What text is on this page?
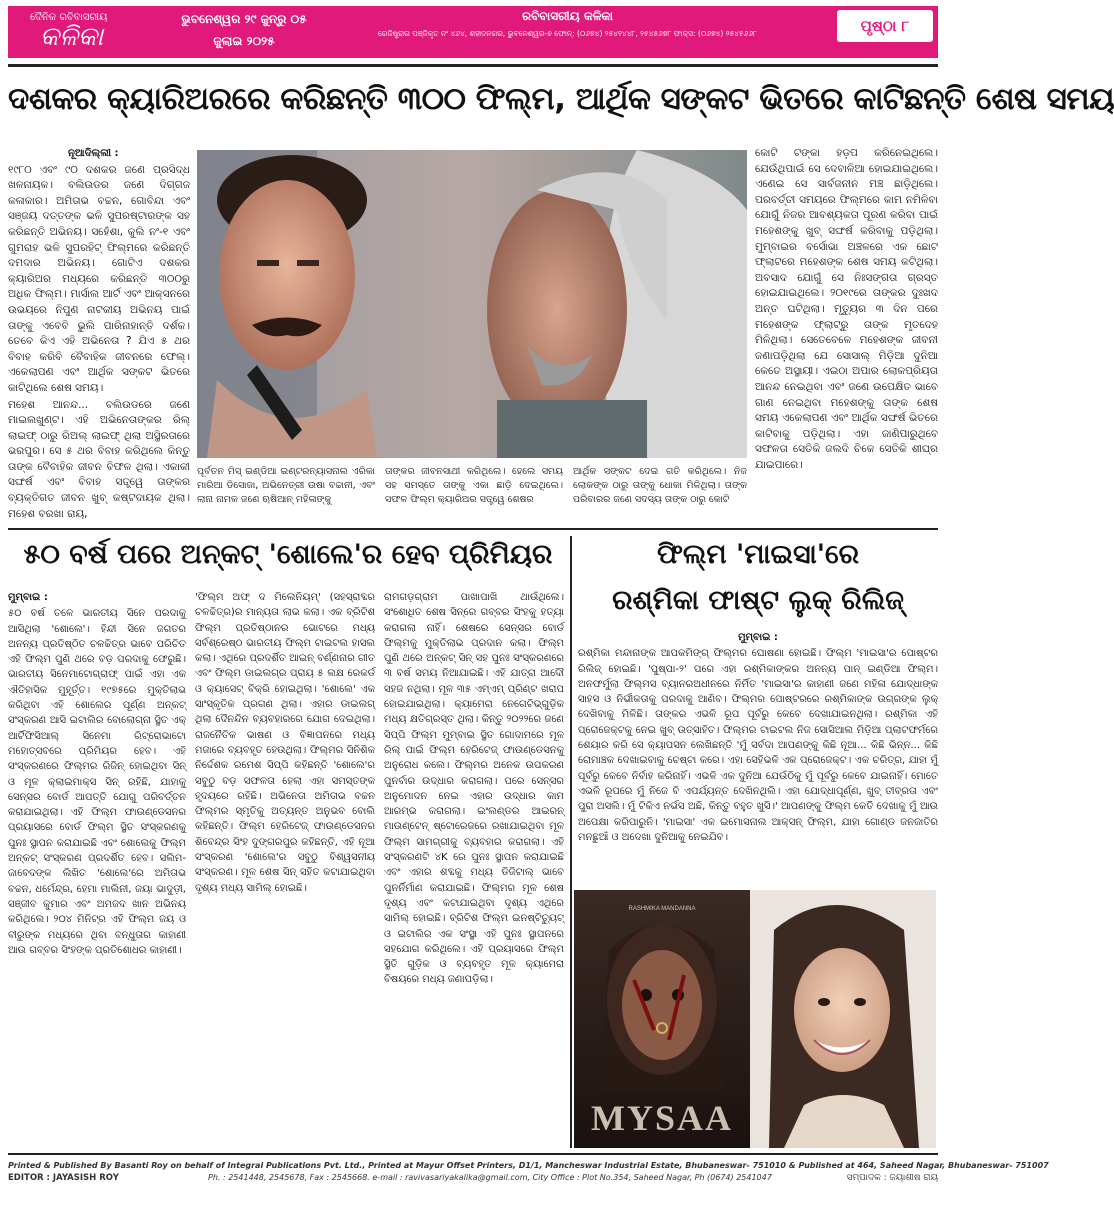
ଦୈନିକ ରବିବାସରୀୟ
କଳିକା
ଭୁବନେଶ୍ୱର ୨୯ ଜୁନ୍ରୁ ୦୫
ଜୁଲାଇ ୨୦୨୫
ରବିବାସରୀୟ କଳିକା
ରେଜିଷ୍ଟ୍ରାର ପଞ୍ଜିକୃତ ନଂ ୪୬୪, ଶହୀଦନଗର, ଭୁବନେଶ୍ୱର-୭ ଫୋନ୍: (୦୬୭୪) ୨୫୪୧୪୪୮, ୨୫୪୫୬୭୮ ଫାକ୍ସ: (୦୬୭୪) ୨୫୪୫୬୬୮	ପୃଷ୍ଠା ୮
ଦଶକର କ୍ୟାରିଅରରେ କରିଛନ୍ତି ୩୦୦ ଫିଲ୍ମ, ଆର୍ଥିକ ସଙ୍କଟ ଭିତରେ କାଟିଛନ୍ତି ଶେଷ ସମୟ

ନୂଆଦିଲ୍ଲୀ :

୧୯୮୦ ଏବଂ ୯୦ ଦଶକର ଜଣେ ପ୍ରସିଦ୍ଧ ଖଳନାୟକ। ବଲିଉଡର ଜଣେ ଦିଗ୍ଗଜ କଳାକାର। ଅମିତାଭ ବଚ୍ଚନ, ଗୋବିନ୍ଦା ଏବଂ ସଞ୍ଜୟ ଦତ୍ତଙ୍କ ଭଳି ସୁପରଷ୍ଟାରଙ୍କ ସହ କରିଛନ୍ତି ଅଭିନୟ। ସହେଁଶା, କୁଲି ନଂ-୧ ଏବଂ ଗୁମରାହ ଭଳି ସୁପରହିଟ୍ ଫିଲ୍ମରେ କରିଛନ୍ତି ଦମଦାର ଅଭିନୟ। ଗୋଟିଏ ଦଶକର କ୍ୟାରିଅର ମଧ୍ୟରେ କରିଛନ୍ତି ୩୦୦ରୁ ଅଧିକ ଫିଲ୍ମ। ମାର୍ସାଲ ଆର୍ଟ ଏବଂ ଆକ୍ସନରେ ଉଭୟରେ ନିପୁଣ ନାଟକୀୟ ଅଭିନୟ ପାଇଁ ତାଙ୍କୁ ଏବେବି ଭୁଲି ପାରିନାହାନ୍ତି ଦର୍ଶକ। ତେବେ କିଏ ଏହି ଅଭିନେତା ? ଯିଏ ୫ ଥର ବିବାହ କରିବି ବୈବାହିକ ଜୀବନରେ ଫେଲ୍। ଏକେଲାପଣ ଏବଂ ଆର୍ଥିକ ସଙ୍କଟ ଭିତରେ କାଟିଥିଲେ ଶେଷ ସମୟ।

ମହେଶ ଆନନ୍ଦ... ବଲିଉଡରେ ଜଣେ ମାଇଲଖୁଣ୍ଟ। ଏହି ଅଭିନେତାଙ୍କର ରିଲ୍ ଲାଇଫ୍ ଠାରୁ ରିଅଲ୍ ଲାଇଫ୍ ଥିଲା ଅସ୍ଥିରତାରେ ଭରପୁର। ସେ ୫ ଥର ବିବାହ କରିଥିଲେ କିନ୍ତୁ ତାଙ୍କ ବୈବାହିକ ଜୀବନ ବିଫଳ ଥିଲା। ଏକାକୀ ସଙ୍ଘର୍ଷ ଏବଂ ବିବାହ ସତ୍ତ୍ୱେ ତାଙ୍କର ବ୍ୟକ୍ତିଗତ ଜୀବନ ଖୁବ୍ କଷ୍ଟଦାୟକ ଥିଲା। ମହେଶ ବରଖା ରାୟ,

ପୂର୍ବତନ ମିସ୍ ଇଣ୍ଡିଆ ଇଣ୍ଟରନ୍ୟାସନାଲ ଏରିକା ମାରିଆ ଡିସୋଜା, ଅଭିନେତ୍ରୀ ଉଷା ବଚ୍ଚାନୀ, ଏବଂ ଲାନା ନାମକ ଜଣେ ଋଷିଆନ୍ ମହିଳାଙ୍କୁ
ତାଙ୍କର ଜୀବନସାଥୀ କରିଥିଲେ। ହେଲେ ସମୟ ସହ ସମସ୍ତେ ତାଙ୍କୁ ଏକା ଛାଡ଼ି ଦେଇଥିଲେ। ସଫଳ ଫିଲ୍ମ କ୍ୟାରିଅର ସତ୍ତ୍ୱେ ଶେଷର
ଆର୍ଥିକ ସଙ୍କଟ ଦେଇ ଗତି କରିଥିଲେ। ନିଜ ଲୋକଙ୍କ ଠାରୁ ତାଙ୍କୁ ଧୋକା ମିଳିଥିଲା। ତାଙ୍କ ପରିବାରର ଜଣେ ସଦସ୍ୟ ତାଙ୍କ ଠାରୁ କୋଟି

କୋଟି ଟଙ୍କା ହଡ଼ପ କରିନେଇଥିଲେ। ଯେଉଁଥିପାଇଁ ସେ ଦେବାଳିଆ ହୋଇଯାଇଥିଲେ। ଏଣେଇ ସେ ସାର୍ବଜନୀନ ମଞ୍ଚ ଛାଡ଼ିଥିଲେ। ପରବର୍ତ୍ତୀ ସମୟରେ ଫିଲ୍ମରେ କାମ ନମିଳିବା ଯୋଗୁଁ ନିଜର ଆବଶ୍ୟକତା ପୂରଣ କରିବା ପାଇଁ ମହେଶଙ୍କୁ ଖୁବ୍ ସଙ୍ଘର୍ଷ କରିବାକୁ ପଡ଼ିଥିଲା। ମୁମ୍ବାଇର ବର୍ସୋଭା ଅଞ୍ଚଳରେ ଏକ ଛୋଟ ଫ୍ଲାଟରେ ମହେଶଙ୍କ ଶେଷ ସମୟ କଟିଥିଲା। ଅବସାଦ ଯୋଗୁଁ ସେ ନିଃସଙ୍ଗତା ଗ୍ରସ୍ତ ହୋଇଯାଇଥିଲେ। ୨୦୧୯ରେ ତାଙ୍କର ଦୁଃଖଦ ଅନ୍ତ ଘଟିଥିଲା। ମୃତ୍ୟୁର ୩ ଦିନ ପରେ ମହେଶଙ୍କ ଫ୍ଲାଟ୍ରୁ ତାଙ୍କ ମୃତଦେହ ମିଳିଥିଲା। ସେତେବେଳେ ମହେଶଙ୍କ ଜୀବନୀ ଜଣାପଡ଼ିଥିଲା ଯେ ସୋସାଲ୍ ମିଡ଼ିଆ ଦୁନିଆ କେତେ ଅସ୍ଥାୟୀ। ଏଇଠା ଅପାର ଲୋକପ୍ରିୟତା ଆନନ୍ଦ ନେଇଥିବା ଏବଂ ଜଣେ ଉପେକ୍ଷିତ ଭାବେ ଗାଣ ନେଇଥିବା ମହେଶଙ୍କୁ ତାଙ୍କ ଶେଷ ସମୟ ଏକେଲାପଣ ଏବଂ ଆର୍ଥିକ ସଙ୍ଘର୍ଷ ଭିତରେ କାଟିବାକୁ ପଡ଼ିଥିଲା। ଏହା ଜାଣିପାରୁଥିବେ ସଫଳତା ସେତିକି ଜଲଦି ଚିକେ ସେତିକି ଶୀଘ୍ର ଯାଇପାରେ।

୫୦ ବର୍ଷ ପରେ ଅନ୍କଟ୍ 'ଶୋଲେ'ର ହେବ ପ୍ରିମିୟର

ମୁମ୍ବାଇ :

୫୦ ବର୍ଷ ତଳେ ଭାରତୀୟ ସିନେ ପରଦାକୁ ଆସିଥିଲା 'ଶୋଲେ'। ହିନ୍ଦୀ ସିନେ ଜଗତର ଅନନ୍ୟ ପ୍ରତିଷ୍ଠିତ ଚଳଚ୍ଚିତ୍ର ଭାବେ ପରିଚିତ ଏହି ଫିଲ୍ମ ପୁଣି ଥରେ ବଡ଼ ପରଦାକୁ ଫେରୁଛି। ଭାରତୀୟ ସିନେମାଟୋଗ୍ରାଫ୍ ପାଇଁ ଏହା ଏକ ଐତିହାସିକ ମୁହୂର୍ତ୍ତ। ୧୯୭୫ରେ ମୁକ୍ତିଲାଭ କରିଥିବା ଏହି ଶୋଲେର ପୂର୍ଣ୍ଣ ଅନ୍କଟ୍ ସଂସ୍କରଣ ଆସି ଇଟାଲିର ବୋଲୋଗ୍ନା ସ୍ଥିତ ଏକ୍ ଆର୍ଟିଫିସିଆଲ୍ ସିନେମା ରିଟ୍ରୋଭାଟୋ ମହୋତ୍ସବରେ ପ୍ରିମିୟର ହେବ। ଏହି ସଂସ୍କରଣରେ ଫିଲ୍ମର ରିଜିନ୍ ହୋଇଥିବା ସିନ୍ ଓ ମୂଳ କ୍ଲାଇମାକ୍ସ ସିନ୍ ରହିଛି, ଯାହାକୁ ସେନ୍ସର ବୋର୍ଡ ଆପତ୍ତି ଯୋଗୁ ପରିବର୍ତ୍ତନ କରାଯାଇଥିଲା। ଏହି ଫିଲ୍ମ ଫାଉଣ୍ଡେସନର ପ୍ରୟାସରେ ବୋର୍ଡ ଫିଲ୍ମ ସ୍ଥିତ ସଂସ୍କରଣକୁ ପୁନଃ ସ୍ଥାପନ କରାଯାଇଛି ଏବଂ ଶୋଲେକୁ ଫିଲ୍ମ ଅନ୍କଟ୍ ସଂସ୍କରଣ ପ୍ରଦର୍ଶିତ ହେବ। ସଲିମ-ଜାବେଦଙ୍କ ଲିଖିତ 'ଶୋଲେ'ରେ ଅମିତାଭ ବଚ୍ଚନ, ଧର୍ମେନ୍ଦ୍ର, ହେମା ମାଲିନୀ, ଜୟା ଭାଦୁଡ଼ୀ, ସଞ୍ଜୀବ କୁମାର ଏବଂ ଅମଜଦ ଖାନ ଅଭିନୟ କରିଥିଲେ। ୨୦୪ ମିନିଟ୍ର ଏହି ଫିଲ୍ମ ଜୟ ଓ ବୀରୁଙ୍କ ମଧ୍ୟରେ ଥିବା ବନ୍ଧୁତାର କାହାଣୀ ଆଉ ଗବ୍ବର ସିଂହଙ୍କ ପ୍ରତିଶୋଧର କାହାଣୀ।

'ଫିଲ୍ମ ଅଫ୍ ଦ ମିଲେନିୟମ୍' (ସହସ୍ରାବ୍ଦର ଚଳଚ୍ଚିତ୍ର)ର ମାନ୍ୟତା ଲାଭ କଲା। ଏକ ବ୍ରିଟିଶ ଫିଲ୍ମ ପ୍ରତିଷ୍ଠାନର ଭୋଟରେ ମଧ୍ୟ ସର୍ବଶ୍ରେଷ୍ଠ ଭାରତୀୟ ଫିଲ୍ମ ଟାଇଟଲ ହାସଲ କଲା। ଏଥିରେ ପ୍ରଦର୍ଶିତ ଆଇନ୍ ବର୍ଣ୍ଣନାର ଗୀତ ଏବଂ ଫିଲ୍ମ ଡାଇଲଗ୍ର ପ୍ରାୟ ୫ ଲକ୍ଷ ରେକର୍ଡ ଓ କ୍ୟାସେଟ୍ ବିକ୍ରି ହୋଇଥିଲା। 'ଶୋଲେ' ଏକ ସାଂସ୍କୃତିକ ପ୍ରଗଣ ଥିଲା। ଏହାର ଡାଇଲଗ୍ ଥିଲା ଦୈନନ୍ଦିନ ବ୍ୟବହାରରେ ଯୋଗ ଦେଇଥିଲା। ରାଜନୈତିକ ଭାଷଣ ଓ ବିଜ୍ଞାପନରେ ମଧ୍ୟ ମଜାରେ ବ୍ୟବହୃତ ହେଉଥିଲା। ଫିଲ୍ମର ସିନିଶିକ ନିର୍ଦ୍ଦେଶକ ରମେଶ ସିପ୍ପି କହିଛନ୍ତି 'ଶୋଲେ'ର ସବୁଠୁ ବଡ଼ ସଫଳତା ହେଲା ଏହା ସମସ୍ତଙ୍କ ହୃଦୟରେ ରହିଛି। ଅଭିନେତା ଅମିତାଭ ବଚ୍ଚନ ଫିଲ୍ମର ସ୍ମୃତିକୁ ଅତ୍ୟନ୍ତ ଅନୁଭବ ବୋଲି କହିଛନ୍ତି। ଫିଲ୍ମ ହେରିଟେଜ୍ ଫାଉଣ୍ଡେସନର ଶିବେନ୍ଦ୍ର ସିଂହ ଦୁଙ୍ଗରପୁର କହିଛନ୍ତି, ଏହି ନୂଆ ସଂସ୍କରଣ 'ଶୋଲେ'ର ସବୁଠୁ ବିଶ୍ୱସନୀୟ ସଂସ୍କରଣ। ମୂଳ ଶେଷ ସିନ୍ ସହିତ କଟାଯାଇଥିବା ଦୃଶ୍ୟ ମଧ୍ୟ ସାମିଲ୍ ହୋଇଛି।

ରାମଗଡ଼ଗ୍ରାମ ପାଖାପାଖି ଥାଉଁଥିଲେ। ସଂଶୋଧିତ ଶେଷ ସିନ୍ରେ ଗବ୍ବର ସିଂହକୁ ହତ୍ୟା କରାଗଲା ନାହିଁ। ଶେଷରେ ସେନ୍ସର ବୋର୍ଡ ଫିଲ୍ମକୁ ମୁକ୍ତିଲାଭ ପ୍ରଦାନ କଲା। ଫିଲ୍ମ ପୁଣି ଥରେ ଅନ୍କଟ୍ ସିନ୍ ସହ ପୁନଃ ସଂସ୍କରଣରେ ୩ ବର୍ଷ ସମୟ ନିଆଯାଇଛି। ଏହି ଯାତ୍ରା ଆଦୌ ସହଜ ନଥିଲା। ମୂଳ ୩୫ ଏମ୍ଏମ୍ ପ୍ରିଣ୍ଟ ଖରାପ ହୋଇଯାଇଥିଲା। କ୍ୟାମେରା ନେଗେଟିଭ୍ଗୁଡ଼ିକ ମଧ୍ୟ କ୍ଷତିଗ୍ରସ୍ତ ଥିଲା। କିନ୍ତୁ ୨୦୨୨ରେ ଜଣେ ସିପ୍ପି ଫିଲ୍ମ ମୁମ୍ବାଇ ସ୍ଥିତ ଗୋଦାମରେ ମୂଳ ରିଲ୍ ପାଇଁ ଫିଲ୍ମ ହେରିଟେଜ୍ ଫାଉଣ୍ଡେସନକୁ ଅନୁରୋଧ କଲେ। ଫିଲ୍ମର ଅନେକ ଉପକରଣ ପୁନର୍ବାର ଉଦ୍ଧାର କରାଗଲା। ପରେ ସେନ୍ସର ଅନୁମୋଦନ ନେଇ ଏହାର ଉଦ୍ଧାର କାମ ଆରମ୍ଭ କରାଗଲା। ଇଂଲଣ୍ଡର ଆଇରନ୍ ମାଉଣ୍ଟେନ୍ ଷ୍ଟୋରେଜରେ ରଖାଯାଇଥିବା ମୂଳ ଫିଲ୍ମ ସାମଗ୍ରୀକୁ ବ୍ୟବହାର କରାଗଲା। ଏହି ସଂସ୍କରଣଟି ୪K ରେ ପୁନଃ ସ୍ଥାପନ କରାଯାଇଛି ଏବଂ ଏହାର ଶବ୍ଦକୁ ମଧ୍ୟ ଡିଜିଟାଲ୍ ଭାବେ ପୁନର୍ନିର୍ମାଣ କରାଯାଇଛି। ଫିଲ୍ମର ମୂଳ ଶେଷ ଦୃଶ୍ୟ ଏବଂ କଟାଯାଇଥିବା ଦୃଶ୍ୟ ଏଥିରେ ସାମିଲ୍ ହୋଇଛି। ବ୍ରିଟିଶ ଫିଲ୍ମ ଇନଷ୍ଟିଚ୍ୟୁଟ୍ ଓ ଇଟାଲିର ଏକ ସଂସ୍ଥା ଏହି ପୁନଃ ସ୍ଥାପନରେ ସହଯୋଗ କରିଥିଲେ। ଏହି ପ୍ରୟାସରେ ଫିଲ୍ମ ସ୍ଥିତି ଗୁଡ଼ିକ ଓ ବ୍ୟବହୃତ ମୂଳ କ୍ୟାମେରା ବିଷୟରେ ମଧ୍ୟ ଜଣାପଡ଼ିଲା।

ଫିଲ୍ମ 'ମାଇସା'ରେ
ରଶ୍ମିକା ଫାଷ୍ଟ ଲୁକ୍ ରିଲିଜ୍

ମୁମ୍ବାଇ :

ରଶ୍ମିକା ମନ୍ଦାନାଙ୍କ ଆପକମିଙ୍ଗ୍ ଫିଲ୍ମର ଘୋଷଣା ହୋଇଛି। ଫିଲ୍ମ 'ମାଇସା'ର ପୋଷ୍ଟର ରିଲିଜ୍ ହୋଇଛି। 'ପୁଷ୍ପା-୨' ପରେ ଏହା ରଶ୍ମିକାଙ୍କର ଅନନ୍ୟ ପାନ୍ ଇଣ୍ଡିଆ ଫିଲ୍ମ। ଅନଫର୍ମୁଲା ଫିଲ୍ମସ ବ୍ୟାନରଅଧୀନରେ ନିର୍ମିତ 'ମାଇସା'ର କାହାଣୀ ଜଣେ ମହିଳା ଯୋଦ୍ଧାଙ୍କ ସାହସ ଓ ନିର୍ଭୀକତାକୁ ପରଦାକୁ ଆଣିବ। ଫିଲ୍ମର ପୋଷ୍ଟରରେ ରଶ୍ମିକାଙ୍କ ଉଗ୍ରଙ୍କ ଲୁକ୍ ଦେଖିବାକୁ ମିଳିଛି। ତାଙ୍କର ଏଭଳି ରୂପ ପୂର୍ବରୁ କେବେ ଦେଖାଯାଇନଥିଲା। ରଶ୍ମିକା ଏହି ପ୍ରୋଜେକ୍ଟକୁ ନେଇ ଖୁବ୍ ଉତ୍ସାହିତ। ଫିଲ୍ମର ଟାଇଟଲ ନିଜ ସୋସିଆଲ ମିଡ଼ିଆ ପ୍ଲାଟଫର୍ମରେ ଶେୟାର କରି ସେ କ୍ୟାପସନ ଲେଖିଛନ୍ତି 'ମୁଁ ସର୍ବଦା ଆପଣଙ୍କୁ କିଛି ନୂଆ... କିଛି ଭିନ୍ନ... କିଛି ରୋମାଞ୍ଚକ ଦେଖାଇବାକୁ ଚେଷ୍ଟା କରେ। ଏହା ସେହିଭଳି ଏକ ପ୍ରୋଜେକ୍ଟ। ଏକ ଚରିତ୍ର, ଯାହା ମୁଁ ପୂର୍ବରୁ କେବେ ନିର୍ବାହ କରିନାହିଁ। ଏଭଳି ଏକ ଦୁନିଆ ଯେଉଁଠିକୁ ମୁଁ ପୂର୍ବରୁ କେବେ ଯାଇନାହିଁ। ମୋତେ ଏଭଳି ରୂପରେ ମୁଁ ନିଜେ ବି ଏପର୍ଯ୍ୟନ୍ତ ଦେଖିନଥିଲି। ଏହା ଯୋଦ୍ଧାପୂର୍ଣ୍ଣ, ଖୁବ୍ ତୀବ୍ରତା ଏବଂ ପୁରା ଅସଲି। ମୁଁ ଟିକିଏ ନର୍ଭସ ଅଛି, କିନ୍ତୁ ବହୁତ ଖୁସି।' ଆପଣଙ୍କୁ ଫିଲ୍ମ କେତିି ଦେଖାକୁ ମୁଁ ଆଉ ଅପେକ୍ଷା କରିପାରୁନି। 'ମାଇସା' ଏକ ଇମୋସନାଲ ଆକ୍ସନ୍ ଫିଲ୍ମ, ଯାହା ଗୋଣ୍ଡ ଜନଜାତିର ମନଛୁଆଁ ଓ ଅଦେଖା ଦୁନିଆକୁ ନେଇଯିବ।

RASHMIKA MANDANNA
MYSAA
Printed & Published By Basanti Roy on behalf of Integral Publications Pvt. Ltd., Printed at Mayur Offset Printers, D1/1, Mancheswar Industrial Estate, Bhubaneswar- 751010 & Published at 464, Saheed Nagar, Bhubaneswar- 751007
EDITOR : JAYASISH ROY	Ph. : 2541448, 2545678, Fax : 2545668. e-mail : ravivasariyakalika@gmail.com, City Office : Plot No.354, Saheed Nagar, Ph (0674) 2541047	ସମ୍ପାଦକ : ଜୟାଶୀଷ ରାୟ
